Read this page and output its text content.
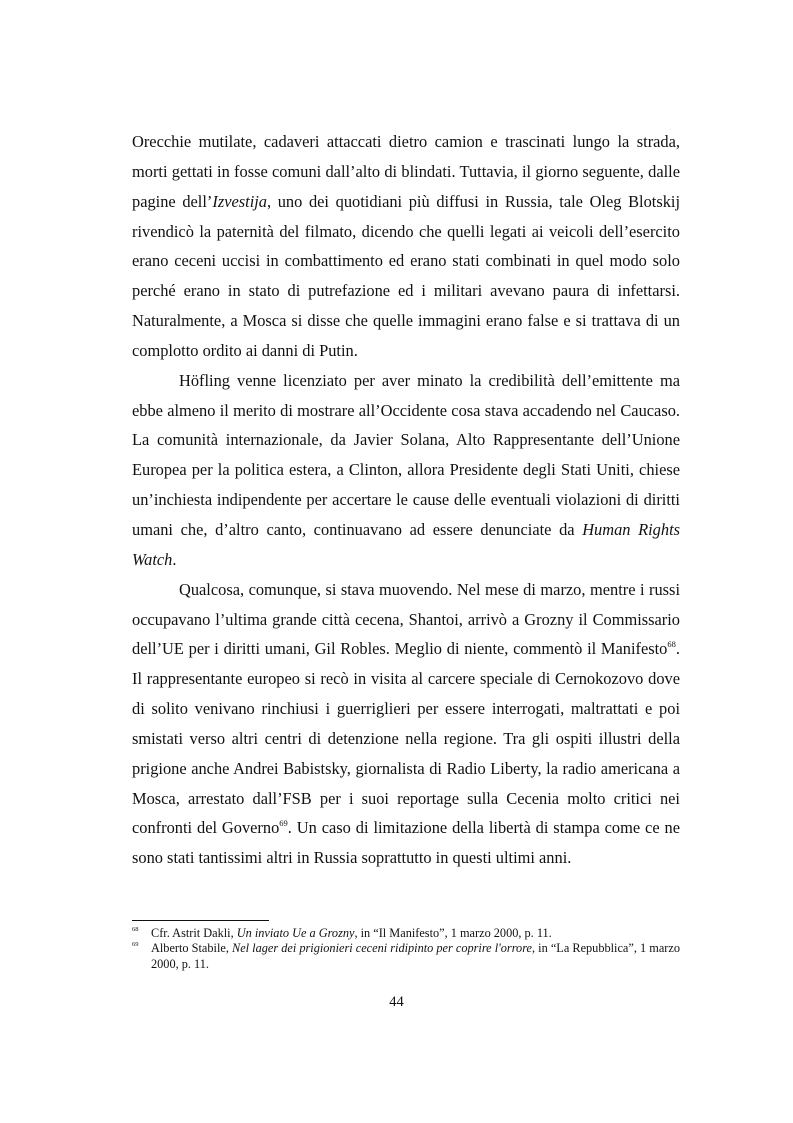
Orecchie mutilate, cadaveri attaccati dietro camion e trascinati lungo la strada, morti gettati in fosse comuni dall’alto di blindati. Tuttavia, il giorno seguente, dalle pagine dell’Izvestija, uno dei quotidiani più diffusi in Russia, tale Oleg Blotskij rivendicò la paternità del filmato, dicendo che quelli legati ai veicoli dell’esercito erano ceceni uccisi in combattimento ed erano stati combinati in quel modo solo perché erano in stato di putrefazione ed i militari avevano paura di infettarsi. Naturalmente, a Mosca si disse che quelle immagini erano false e si trattava di un complotto ordito ai danni di Putin.

Höfling venne licenziato per aver minato la credibilità dell’emittente ma ebbe almeno il merito di mostrare all’Occidente cosa stava accadendo nel Caucaso. La comunità internazionale, da Javier Solana, Alto Rappresentante dell’Unione Europea per la politica estera, a Clinton, allora Presidente degli Stati Uniti, chiese un’inchiesta indipendente per accertare le cause delle eventuali violazioni di diritti umani che, d’altro canto, continuavano ad essere denunciate da Human Rights Watch.

Qualcosa, comunque, si stava muovendo. Nel mese di marzo, mentre i russi occupavano l’ultima grande città cecena, Shantoi, arrivò a Grozny il Commissario dell’UE per i diritti umani, Gil Robles. Meglio di niente, commentò il Manifesto$^{68}$. Il rappresentante europeo si recò in visita al carcere speciale di Cernokozovo dove di solito venivano rinchiusi i guerriglieri per essere interrogati, maltrattati e poi smistati verso altri centri di detenzione nella regione. Tra gli ospiti illustri della prigione anche Andrei Babistsky, giornalista di Radio Liberty, la radio americana a Mosca, arrestato dall’FSB per i suoi reportage sulla Cecenia molto critici nei confronti del Governo$^{69}$. Un caso di limitazione della libertà di stampa come ce ne sono stati tantissimi altri in Russia soprattutto in questi ultimi anni.

68 Cfr. Astrit Dakli, Un inviato Ue a Grozny, in “Il Manifesto”, 1 marzo 2000, p. 11.
69 Alberto Stabile, Nel lager dei prigionieri ceceni ridipinto per coprire l'orrore, in “La Repubblica”, 1 marzo 2000, p. 11.
44
